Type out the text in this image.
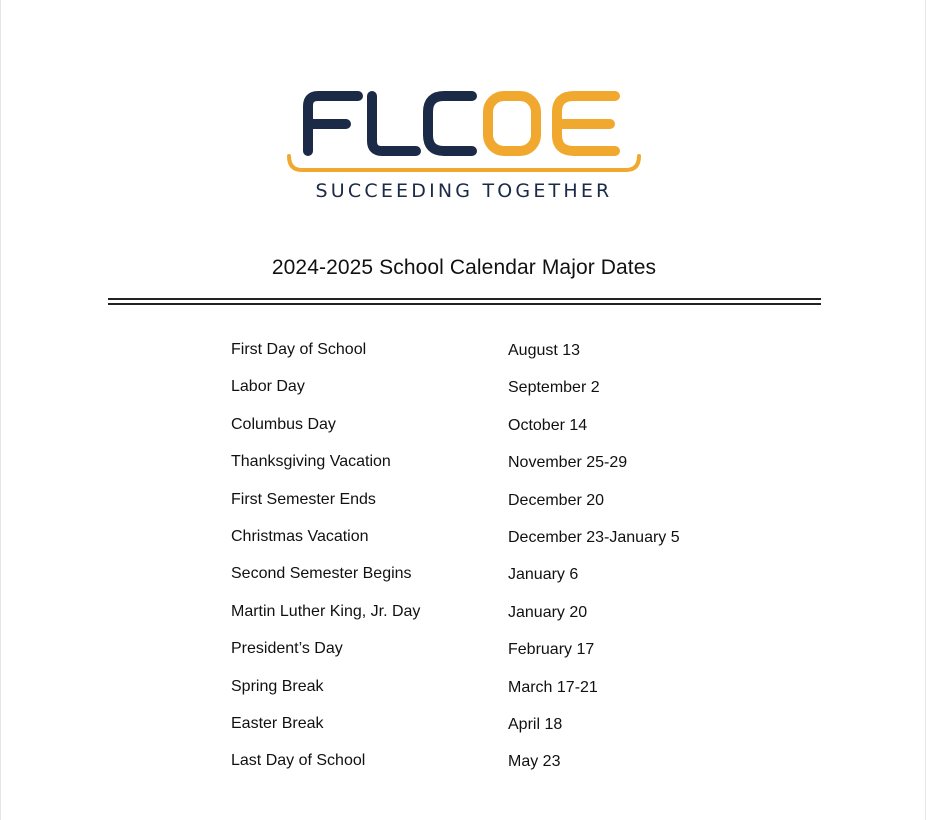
2024-2025 School Calendar Major Dates
First Day of School	August 13
Labor Day	September 2
Columbus Day	October 14
Thanksgiving Vacation	November 25-29
First Semester Ends	December 20
Christmas Vacation	December 23-January 5
Second Semester Begins	January 6
Martin Luther King, Jr. Day	January 20
President’s Day	February 17
Spring Break	March 17-21
Easter Break	April 18
Last Day of School	May 23
SUCCEEDING TOGETHER
